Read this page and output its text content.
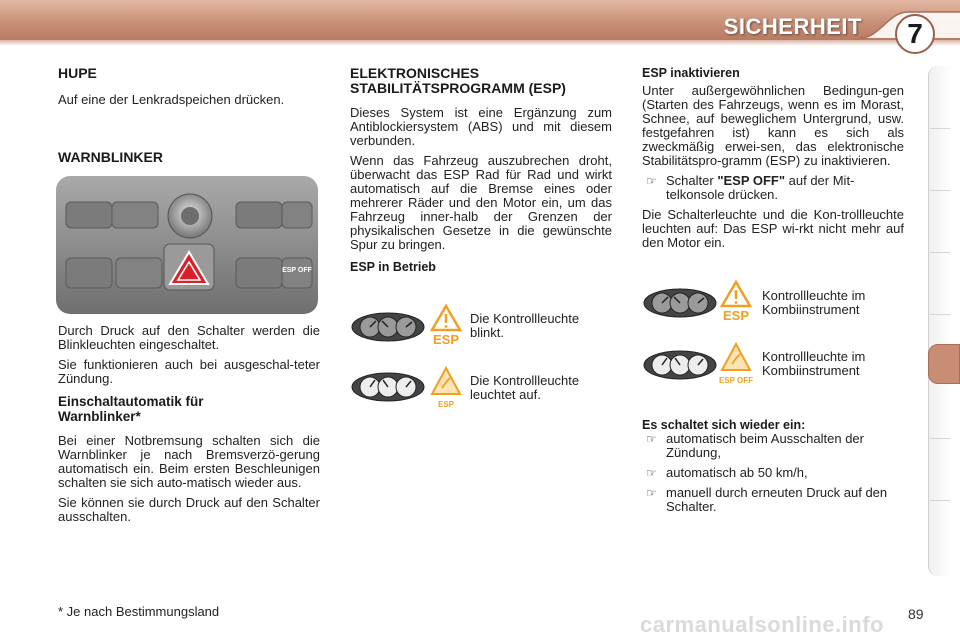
SICHERHEIT	7
HUPE

Auf eine der Lenkradspeichen drücken.

WARNBLINKER
ESP OFF

Durch Druck auf den Schalter werden die Blinkleuchten eingeschaltet.

Sie funktionieren auch bei ausgeschal-teter Zündung.

Einschaltautomatik für Warnblinker*

Bei einer Notbremsung schalten sich die Warnblinker je nach Bremsverzö-gerung automatisch ein. Beim ersten Beschleunigen schalten sie sich auto-matisch wieder aus.

Sie können sie durch Druck auf den Schalter ausschalten.

ELEKTRONISCHES STABILITÄTSPROGRAMM (ESP)

Dieses System ist eine Ergänzung zum Antiblockiersystem (ABS) und mit diesem verbunden.

Wenn das Fahrzeug auszubrechen droht, überwacht das ESP Rad für Rad und wirkt automatisch auf die Bremse eines oder mehrerer Räder und den Motor ein, um das Fahrzeug inner-halb der Grenzen der physikalischen Gesetze in die gewünschte Spur zu bringen.

ESP in Betrieb
ESP
Die Kontrollleuchte blinkt.
ESP
Die Kontrollleuchte leuchtet auf.
ESP inaktivieren

Unter außergewöhnlichen Bedingun-gen (Starten des Fahrzeugs, wenn es im Morast, Schnee, auf beweglichem Untergrund, usw. festgefahren ist) kann es sich als zweckmäßig erwei-sen, das elektronische Stabilitätspro-gramm (ESP) zu inaktivieren.

☞ Schalter "ESP OFF" auf der Mit-telkonsole drücken.

Die Schalterleuchte und die Kon-trollleuchte leuchten auf: Das ESP wi-rkt nicht mehr auf den Motor ein.

ESP
Kontrollleuchte im Kombiinstrument
ESP OFF
Kontrollleuchte im Kombiinstrument
Es schaltet sich wieder ein:
☞ automatisch beim Ausschalten der Zündung,
☞ automatisch ab 50 km/h,
☞ manuell durch erneuten Druck auf den Schalter.
* Je nach Bestimmungsland
carmanualsonline.info 89
